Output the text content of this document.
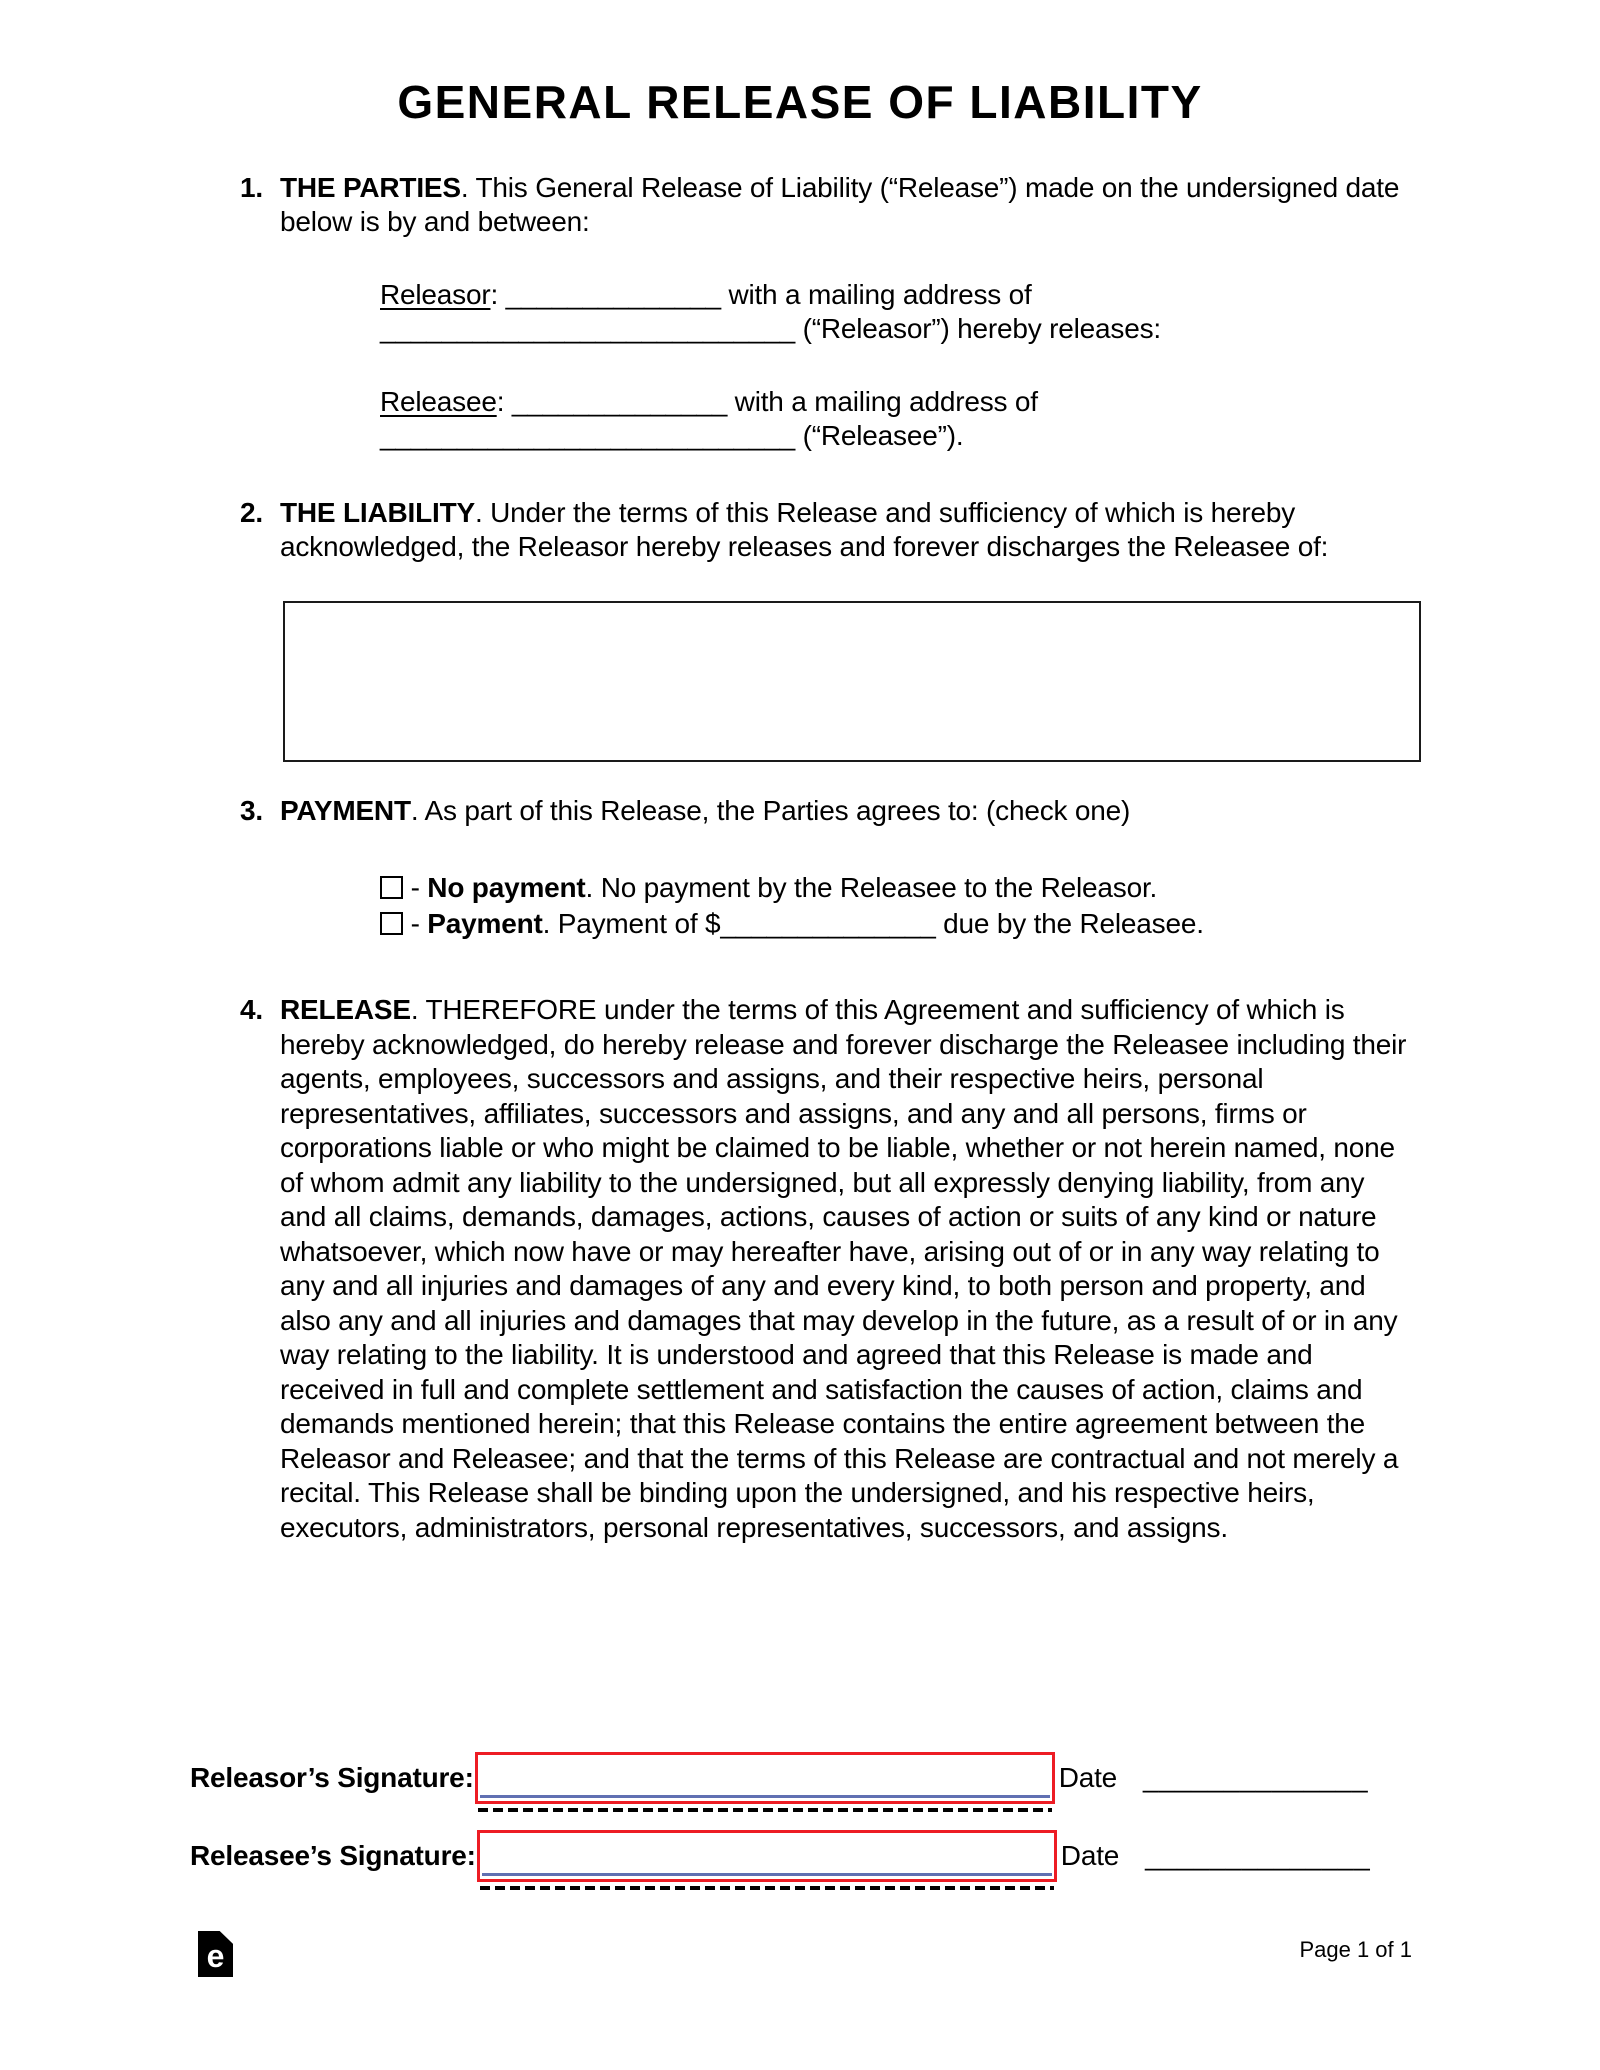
GENERAL RELEASE OF LIABILITY
1. THE PARTIES. This General Release of Liability (“Release”) made on the undersigned date below is by and between:
Releasor: ______________ with a mailing address of
___________________________ (“Releasor”) hereby releases:
Releasee: ______________ with a mailing address of
___________________________ (“Releasee”).
2. THE LIABILITY. Under the terms of this Release and sufficiency of which is hereby acknowledged, the Releasor hereby releases and forever discharges the Releasee of:
3. PAYMENT. As part of this Release, the Parties agrees to: (check one)
- No payment. No payment by the Releasee to the Releasor.
- Payment. Payment of $______________ due by the Releasee.
4. RELEASE. THEREFORE under the terms of this Agreement and sufficiency of which is hereby acknowledged, do hereby release and forever discharge the Releasee including their agents, employees, successors and assigns, and their respective heirs, personal representatives, affiliates, successors and assigns, and any and all persons, firms or corporations liable or who might be claimed to be liable, whether or not herein named, none of whom admit any liability to the undersigned, but all expressly denying liability, from any and all claims, demands, damages, actions, causes of action or suits of any kind or nature whatsoever, which now have or may hereafter have, arising out of or in any way relating to any and all injuries and damages of any and every kind, to both person and property, and also any and all injuries and damages that may develop in the future, as a result of or in any way relating to the liability. It is understood and agreed that this Release is made and received in full and complete settlement and satisfaction the causes of action, claims and demands mentioned herein; that this Release contains the entire agreement between the Releasor and Releasee; and that the terms of this Release are contractual and not merely a recital. This Release shall be binding upon the undersigned, and his respective heirs, executors, administrators, personal representatives, successors, and assigns.
Releasor’s Signature:	Date ______________
Releasee’s Signature:	Date ______________
e	Page 1 of 1
